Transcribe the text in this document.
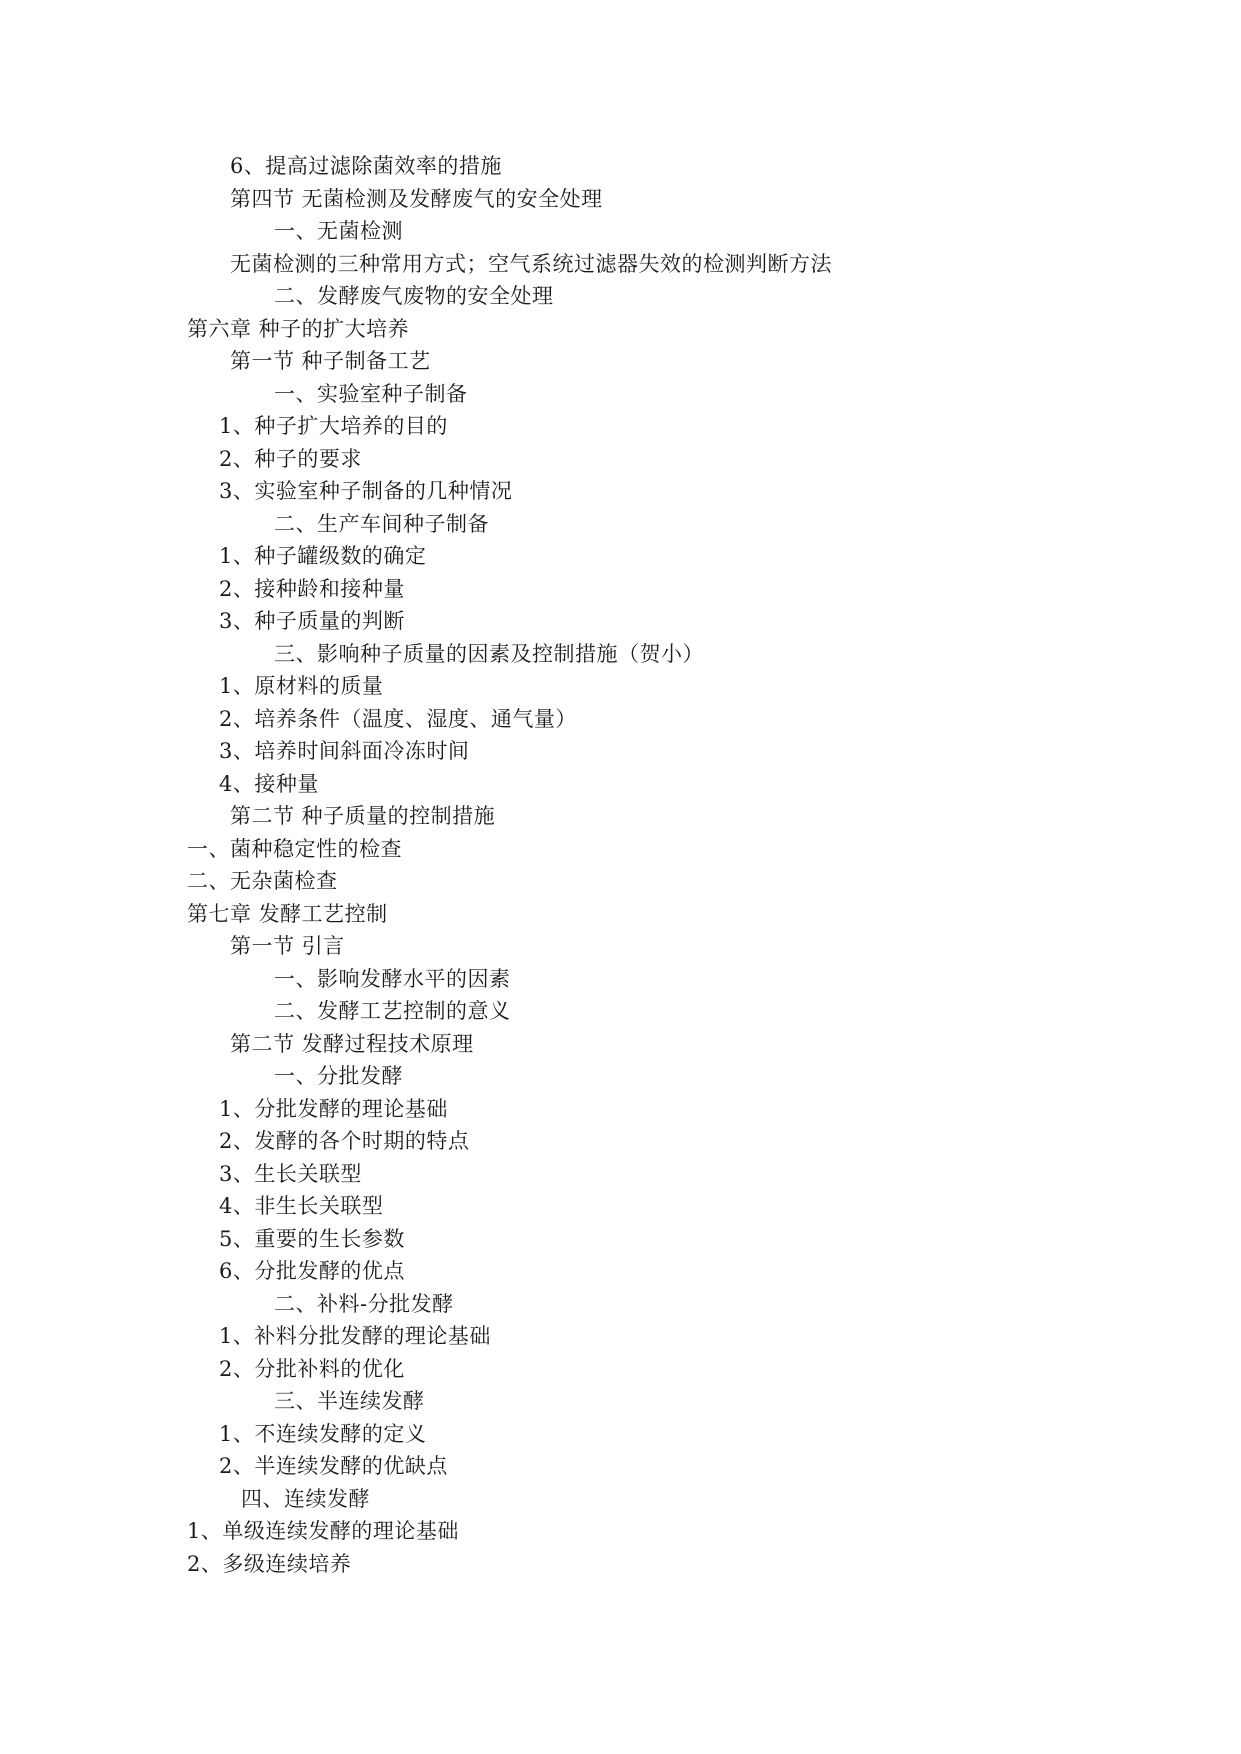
6、提高过滤除菌效率的措施
第四节 无菌检测及发酵废气的安全处理
一、无菌检测
无菌检测的三种常用方式；空气系统过滤器失效的检测判断方法
二、发酵废气废物的安全处理
第六章 种子的扩大培养
第一节 种子制备工艺
一、实验室种子制备
1、种子扩大培养的目的
2、种子的要求
3、实验室种子制备的几种情况
二、生产车间种子制备
1、种子罐级数的确定
2、接种龄和接种量
3、种子质量的判断
三、影响种子质量的因素及控制措施（贺小）
1、原材料的质量
2、培养条件（温度、湿度、通气量）
3、培养时间斜面冷冻时间
4、接种量
第二节 种子质量的控制措施
一、菌种稳定性的检查
二、无杂菌检查
第七章 发酵工艺控制
第一节 引言
一、影响发酵水平的因素
二、发酵工艺控制的意义
第二节 发酵过程技术原理
一、分批发酵
1、分批发酵的理论基础
2、发酵的各个时期的特点
3、生长关联型
4、非生长关联型
5、重要的生长参数
6、分批发酵的优点
二、补料-分批发酵
1、补料分批发酵的理论基础
2、分批补料的优化
三、半连续发酵
1、不连续发酵的定义
2、半连续发酵的优缺点
四、连续发酵
1、单级连续发酵的理论基础
2、多级连续培养
